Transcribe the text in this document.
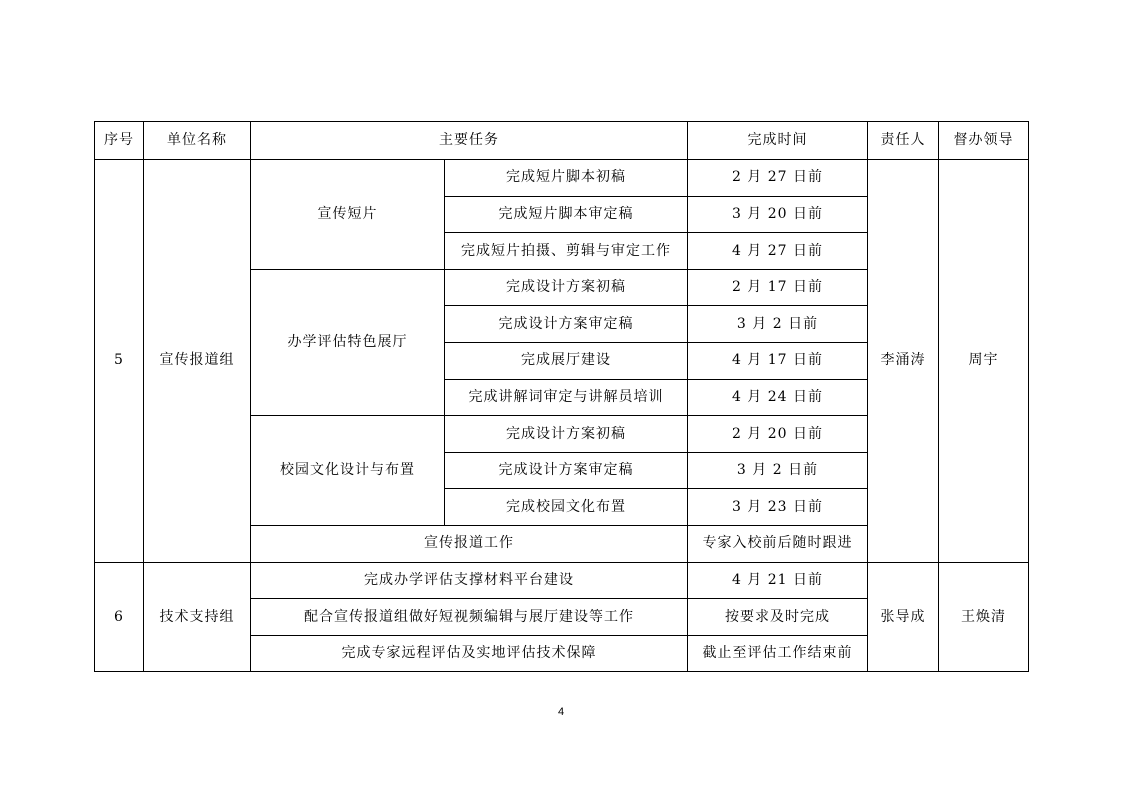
序号	单位名称	主要任务		完成时间	责任人	督办领导
5	宣传报道组	宣传短片	完成短片脚本初稿	2 月 27 日前	李涌涛	周宇
			完成短片脚本审定稿	3 月 20 日前		
			完成短片拍摄、剪辑与审定工作	4 月 27 日前		
		办学评估特色展厅	完成设计方案初稿	2 月 17 日前		
			完成设计方案审定稿	3 月 2 日前		
			完成展厅建设	4 月 17 日前		
			完成讲解词审定与讲解员培训	4 月 24 日前		
		校园文化设计与布置	完成设计方案初稿	2 月 20 日前		
			完成设计方案审定稿	3 月 2 日前		
			完成校园文化布置	3 月 23 日前		
		宣传报道工作		专家入校前后随时跟进		
6	技术支持组	完成办学评估支撑材料平台建设		4 月 21 日前	张导成	王焕清
		配合宣传报道组做好短视频编辑与展厅建设等工作		按要求及时完成		
		完成专家远程评估及实地评估技术保障		截止至评估工作结束前		
4
